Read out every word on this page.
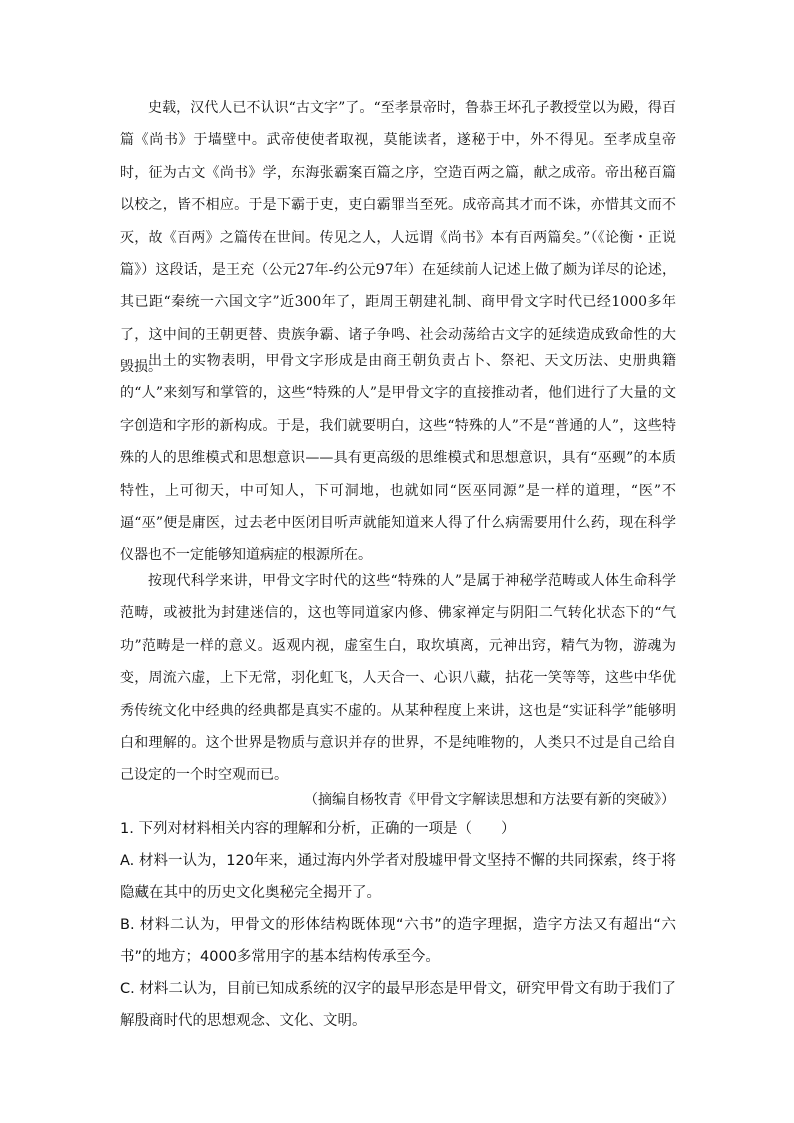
史载，汉代人已不认识“古文字”了。“至孝景帝时，鲁恭王坏孔子教授堂以为殿，得百篇《尚书》于墙壁中。武帝使使者取视，莫能读者，遂秘于中，外不得见。至孝成皇帝时，征为古文《尚书》学，东海张霸案百篇之序，空造百两之篇，献之成帝。帝出秘百篇以校之，皆不相应。于是下霸于吏，吏白霸罪当至死。成帝高其才而不诛，亦惜其文而不灭，故《百两》之篇传在世间。传见之人，人远谓《尚书》本有百两篇矣。”（《论衡・正说篇》）这段话，是王充（公元27年-约公元97年）在延续前人记述上做了颇为详尽的论述，其已距“秦统一六国文字”近300年了，距周王朝建礼制、商甲骨文字时代已经1000多年了，这中间的王朝更替、贵族争霸、诸子争鸣、社会动荡给古文字的延续造成致命性的大毁损。

出土的实物表明，甲骨文字形成是由商王朝负责占卜、祭祀、天文历法、史册典籍的“人”来刻写和掌管的，这些“特殊的人”是甲骨文字的直接推动者，他们进行了大量的文字创造和字形的新构成。于是，我们就要明白，这些“特殊的人”不是“普通的人”，这些特殊的人的思维模式和思想意识——具有更高级的思维模式和思想意识，具有“巫觋”的本质特性，上可彻天，中可知人，下可洞地，也就如同“医巫同源”是一样的道理，“医”不逼“巫”便是庸医，过去老中医闭目听声就能知道来人得了什么病需要用什么药，现在科学仪器也不一定能够知道病症的根源所在。

按现代科学来讲，甲骨文字时代的这些“特殊的人”是属于神秘学范畴或人体生命科学范畴，或被批为封建迷信的，这也等同道家内修、佛家禅定与阴阳二气转化状态下的“气功”范畴是一样的意义。返观内视，虚室生白，取坎填离，元神出窍，精气为物，游魂为变，周流六虚，上下无常，羽化虹飞，人天合一、心识八藏，拈花一笑等等，这些中华优秀传统文化中经典的经典都是真实不虚的。从某种程度上来讲，这也是“实证科学”能够明白和理解的。这个世界是物质与意识并存的世界，不是纯唯物的，人类只不过是自己给自己设定的一个时空观而已。

（摘编自杨牧青《甲骨文字解读思想和方法要有新的突破》）

1. 下列对材料相关内容的理解和分析，正确的一项是（　　）
A. 材料一认为，120年来，通过海内外学者对殷墟甲骨文坚持不懈的共同探索，终于将隐藏在其中的历史文化奥秘完全揭开了。
B. 材料二认为，甲骨文的形体结构既体现“六书”的造字理据，造字方法又有超出“六书”的地方；4000多常用字的基本结构传承至今。
C. 材料二认为，目前已知成系统的汉字的最早形态是甲骨文，研究甲骨文有助于我们了解殷商时代的思想观念、文化、文明。
